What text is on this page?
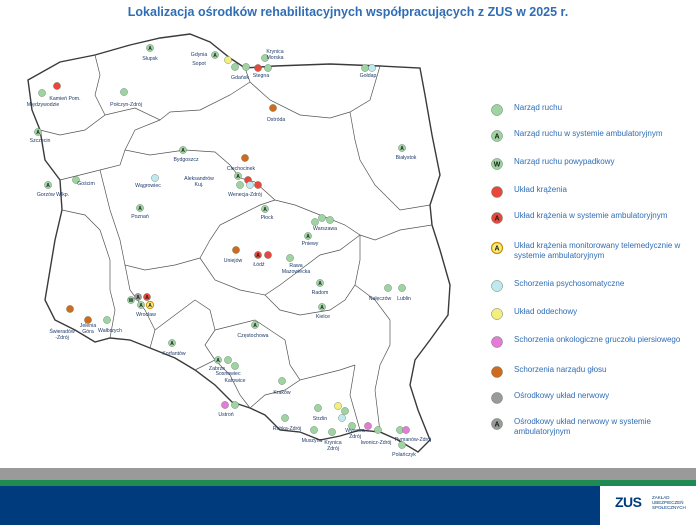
Lokalizacja ośrodków rehabilitacyjnych współpracujących z ZUS w 2025 r.
A
A
A
A
A
A
A
A	A
A
A
A
A
W A A
A A
A
A
A
Słupsk
Gdynia
Sopot
Gdańsk
Krynica Morska
Stegna	Gołdap
Kamień Pom.
Międzywodzie	Połczyn-Zdrój
Szczecin
Ostróda
Białystok
Bydgoszcz
Ciechocinek
Aleksandrów Kuj.
Wągrowiec
Gościm
Gorzów Wlkp.	Wenecja-Zdrój
Płock
Poznań
Warszawa
Rawa Mazowiecka
Pniewy
Uniejów
Łódź
Radom
Kielce
Nałęczów Lublin
Świeradów -Zdrój
Jelenia Góra Wałbrzych
Wrocław
Korfantów
Częstochowa
Sosnowiec
Zabrze
Katowice
Kraków
Ustroń
Rabka-Zdrój
Muszyna Krynica Zdrój
Wysowa Zdrój
Iwonicz-Zdrój Rymanów-Zdrój
Strzlin
Polańczyk
Narząd ruchu
A Narząd ruchu w systemie ambulatoryjnym
W Narząd ruchu powypadkowy
Układ krążenia
A Układ krążenia w systemie ambulatoryjnym
A Układ krążenia monitorowany telemedycznie w systemie ambulatoryjnym
Schorzenia psychosomatyczne
Układ oddechowy
Schorzenia onkologiczne gruczołu piersiowego
Schorzenia narządu głosu
Ośrodkowy układ nerwowy
A Ośrodkowy układ nerwowy w systemie ambulatoryjnym
ZUS ZAKŁAD UBEZPIECZEŃ SPOŁECZNYCH
